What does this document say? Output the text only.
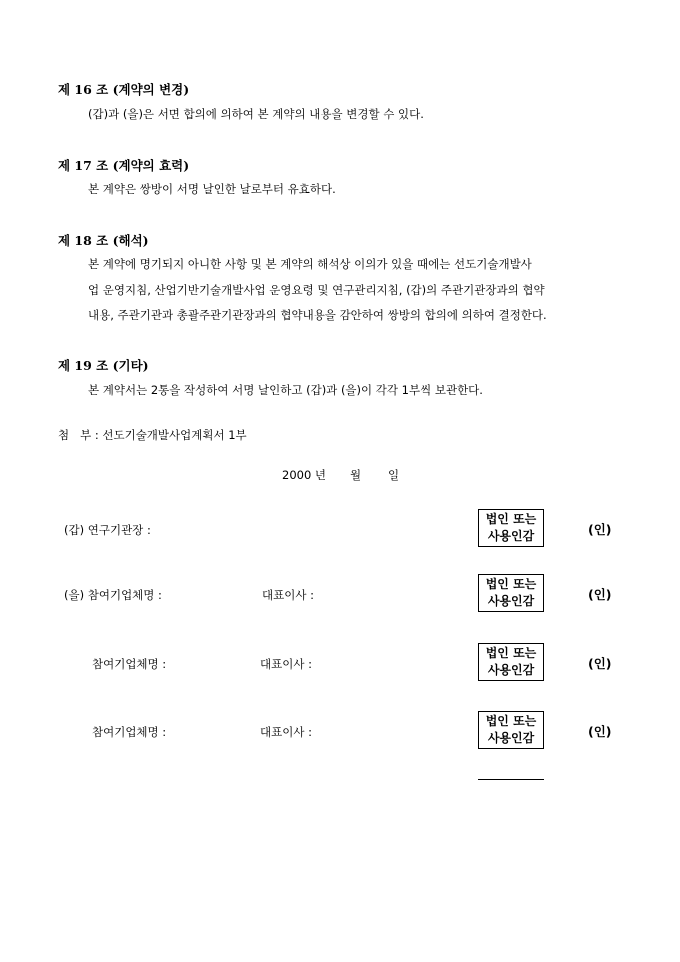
제 16 조 (계약의 변경)
(갑)과 (을)은 서면 합의에 의하여 본 계약의 내용을 변경할 수 있다.
제 17 조 (계약의 효력)
본 계약은 쌍방이 서명 날인한 날로부터 유효하다.
제 18 조 (해석)
본 계약에 명기되지 아니한 사항 및 본 계약의 해석상 이의가 있을 때에는 선도기술개발사
업 운영지침, 산업기반기술개발사업 운영요령 및 연구관리지침, (갑)의 주관기관장과의 협약
내용, 주관기관과 총괄주관기관장과의 협약내용을 감안하여 쌍방의 합의에 의하여 결정한다.
제 19 조 (기타)
본 계약서는 2통을 작성하여 서명 날인하고 (갑)과 (을)이 각각 1부씩 보관한다.
첨   부 : 선도기술개발사업계획서 1부
2000 년 월 일
(갑) 연구기관장 :
법인 또는
사용인감	(인)
(을) 참여기업체명 :	대표이사 :
법인 또는
사용인감	(인)
참여기업체명 :	대표이사 :
법인 또는
사용인감	(인)
참여기업체명 :	대표이사 :
법인 또는
사용인감	(인)
